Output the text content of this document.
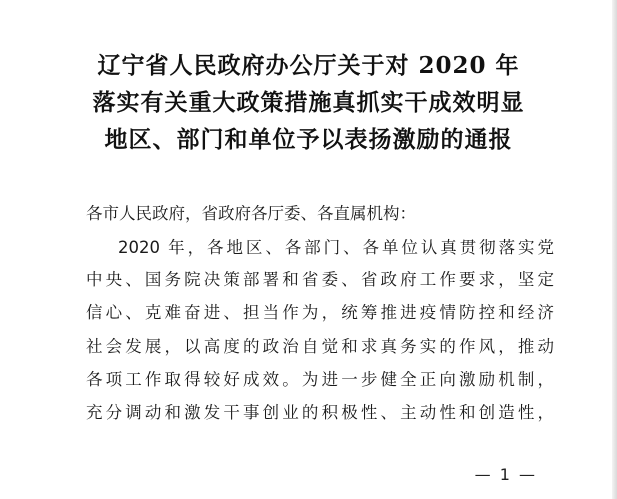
辽宁省人民政府办公厅关于对 2020 年
落实有关重大政策措施真抓实干成效明显
地区、部门和单位予以表扬激励的通报
各市人民政府，省政府各厅委、各直属机构：
2020 年，各地区、各部门、各单位认真贯彻落实党
中央、国务院决策部署和省委、省政府工作要求，坚定
信心、克难奋进、担当作为，统筹推进疫情防控和经济
社会发展，以高度的政治自觉和求真务实的作风，推动
各项工作取得较好成效。为进一步健全正向激励机制，
充分调动和激发干事创业的积极性、主动性和创造性，
— 1 —
